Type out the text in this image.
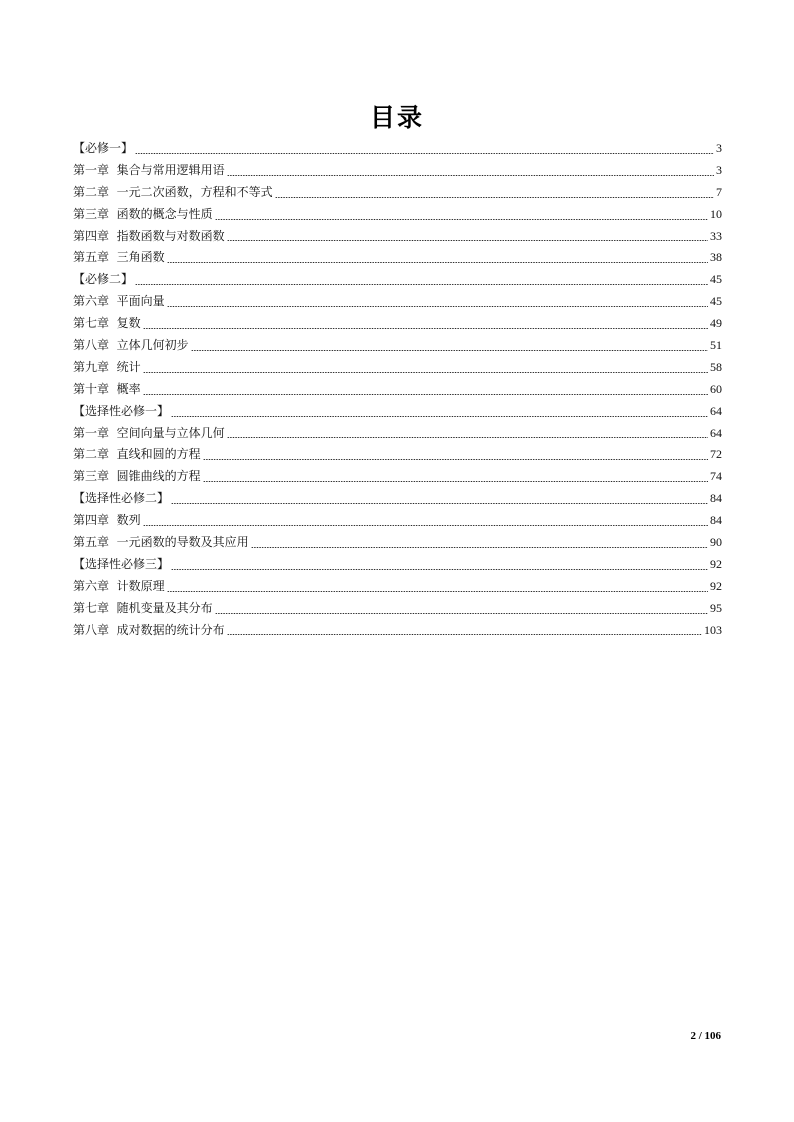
目录
【必修一】	3
第一章  集合与常用逻辑用语	3
第二章  一元二次函数，方程和不等式	7
第三章  函数的概念与性质	10
第四章  指数函数与对数函数	33
第五章  三角函数	38
【必修二】	45
第六章  平面向量	45
第七章  复数	49
第八章  立体几何初步	51
第九章  统计	58
第十章  概率	60
【选择性必修一】	64
第一章  空间向量与立体几何	64
第二章  直线和圆的方程	72
第三章  圆锥曲线的方程	74
【选择性必修二】	84
第四章  数列	84
第五章  一元函数的导数及其应用	90
【选择性必修三】	92
第六章  计数原理	92
第七章  随机变量及其分布	95
第八章  成对数据的统计分布	103
2 / 106
